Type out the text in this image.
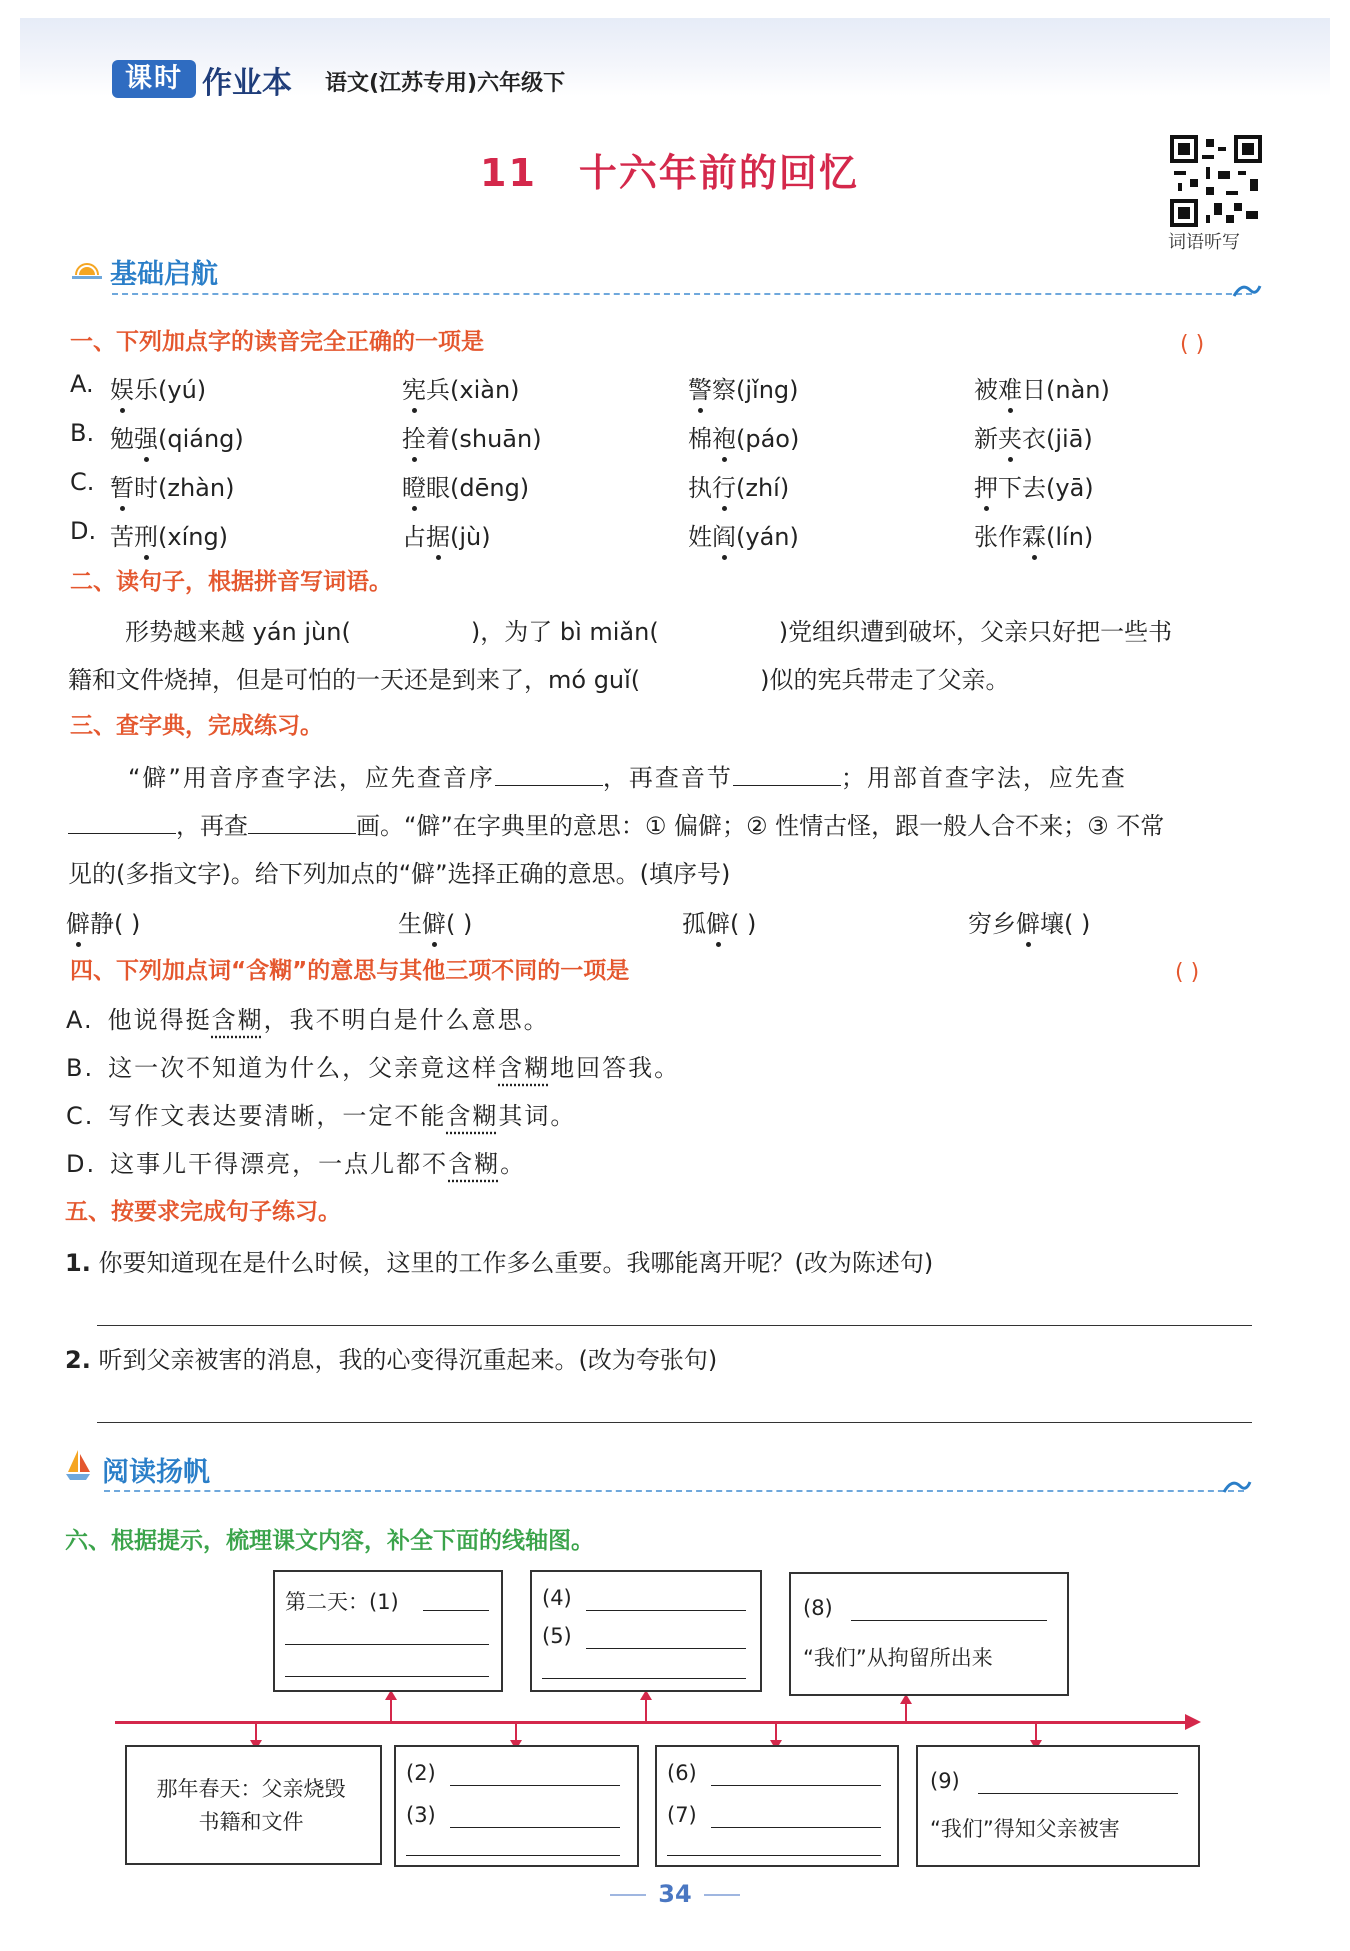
课时 作业本 语文(江苏专用)六年级下
11 十六年前的回忆
词语听写
基础启航
一、下列加点字的读音完全正确的一项是	( )
A. 娱乐(yú)	宪兵(xiàn)	警察(jǐng)	被难日(nàn)
B. 勉强(qiáng)	拴着(shuān)	棉袍(páo)	新夹衣(jiā)
C. 暂时(zhàn)	瞪眼(dēng)	执行(zhí)	押下去(yā)
D. 苦刑(xíng)	占据(jù)	姓阎(yán)	张作霖(lín)
二、读句子，根据拼音写词语。
形势越来越 yán jùn(	)，为了 bì miǎn(	)党组织遭到破坏，父亲只好把一些书
籍和文件烧掉，但是可怕的一天还是到来了，mó guǐ(	)似的宪兵带走了父亲。
三、查字典，完成练习。
“僻”用音序查字法，应先查音序	，再查音节	；用部首查字法，应先查
，再查	画。“僻”在字典里的意思：① 偏僻；② 性情古怪，跟一般人合不来；③ 不常
见的(多指文字)。给下列加点的“僻”选择正确的意思。(填序号)
僻静( )	生僻( )	孤僻( )	穷乡僻壤( )
四、下列加点词“含糊”的意思与其他三项不同的一项是	( )
A. 他说得挺含糊，我不明白是什么意思。
B. 这一次不知道为什么，父亲竟这样含糊地回答我。
C. 写作文表达要清晰，一定不能含糊其词。
D. 这事儿干得漂亮，一点儿都不含糊。
五、按要求完成句子练习。
1. 你要知道现在是什么时候，这里的工作多么重要。我哪能离开呢？(改为陈述句)
2. 听到父亲被害的消息，我的心变得沉重起来。(改为夸张句)
阅读扬帆
六、根据提示，梳理课文内容，补全下面的线轴图。
第二天：(1)	(4)
(5)
(8)
“我们”从拘留所出来
那年春天：父亲烧毁书籍和文件
(2)
(3)
(6)
(7)
(9)
“我们”得知父亲被害
34
